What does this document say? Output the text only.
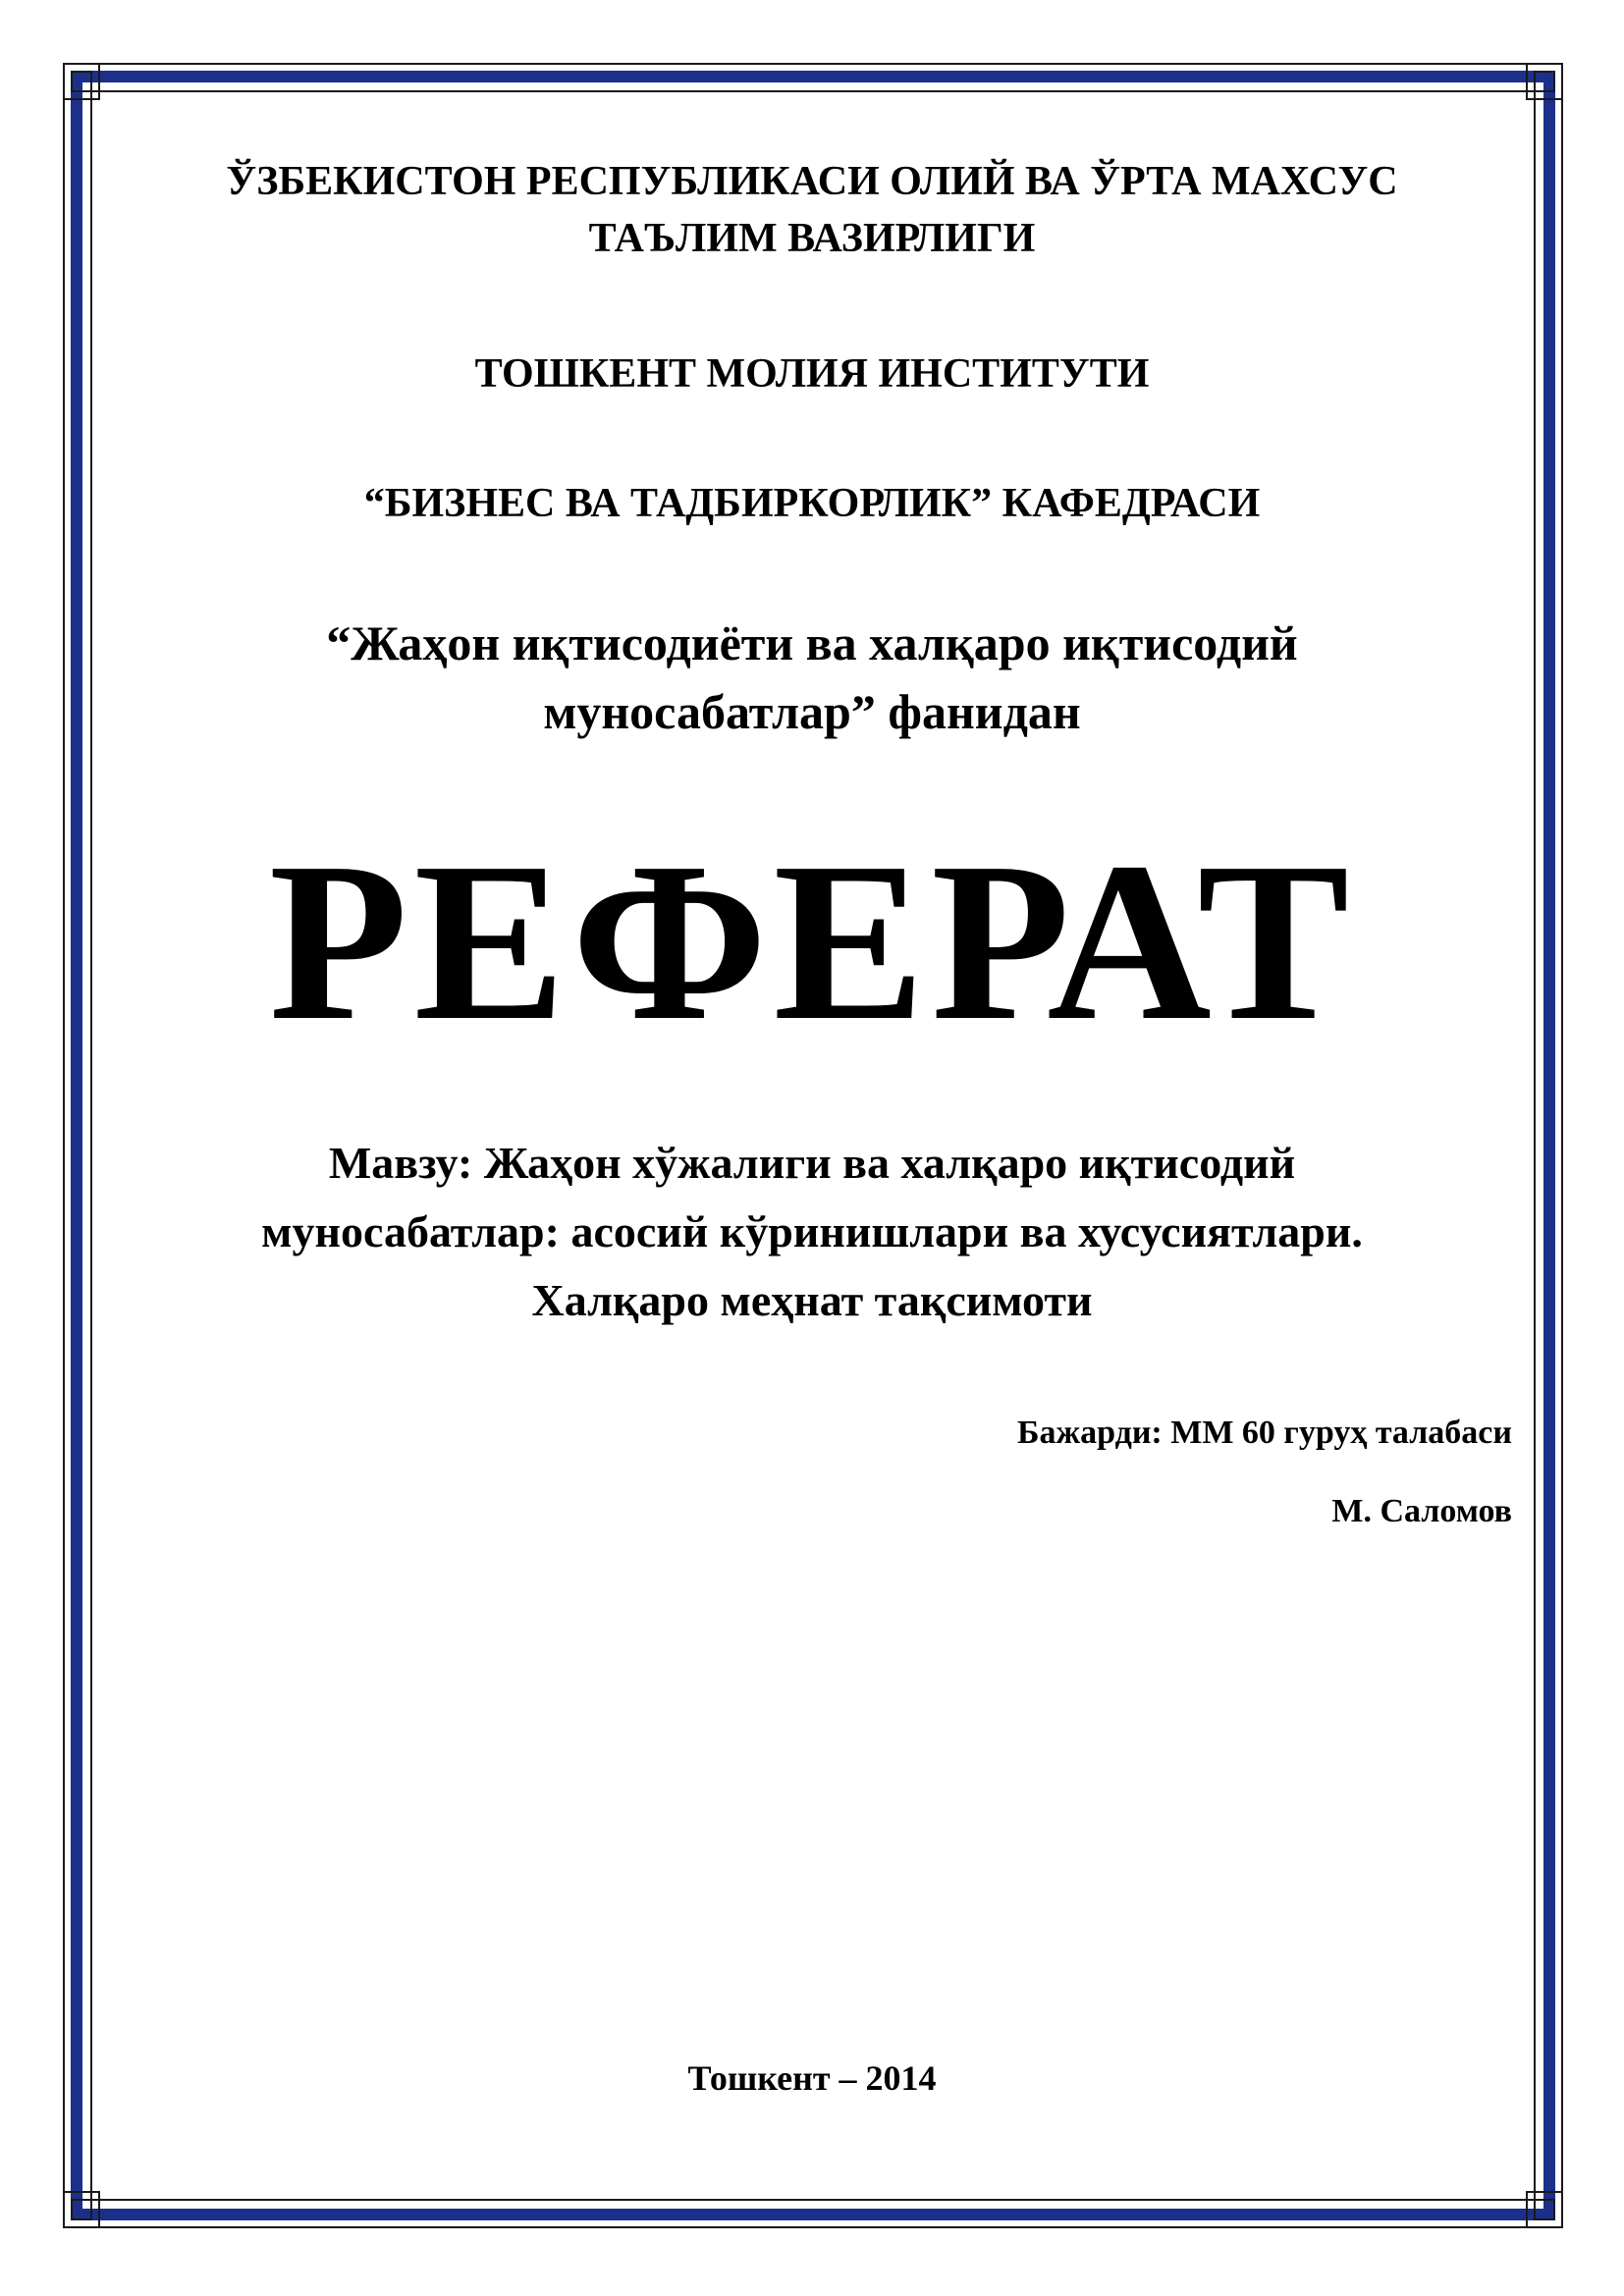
ЎЗБЕКИСТОН РЕСПУБЛИКАСИ ОЛИЙ ВА ЎРТА МАХСУС
ТАЪЛИМ ВАЗИРЛИГИ
ТОШКЕНТ МОЛИЯ ИНСТИТУТИ
“БИЗНЕС ВА ТАДБИРКОРЛИК” КАФЕДРАСИ
“Жаҳон иқтисодиёти ва халқаро иқтисодий
муносабатлар” фанидан
РЕФЕРАТ
Мавзу: Жаҳон хўжалиги ва халқаро иқтисодий
муносабатлар: асосий кўринишлари ва хусусиятлари.
Халқаро меҳнат тақсимоти
Бажарди: ММ 60 гуруҳ талабаси
М. Саломов
Тошкент – 2014
